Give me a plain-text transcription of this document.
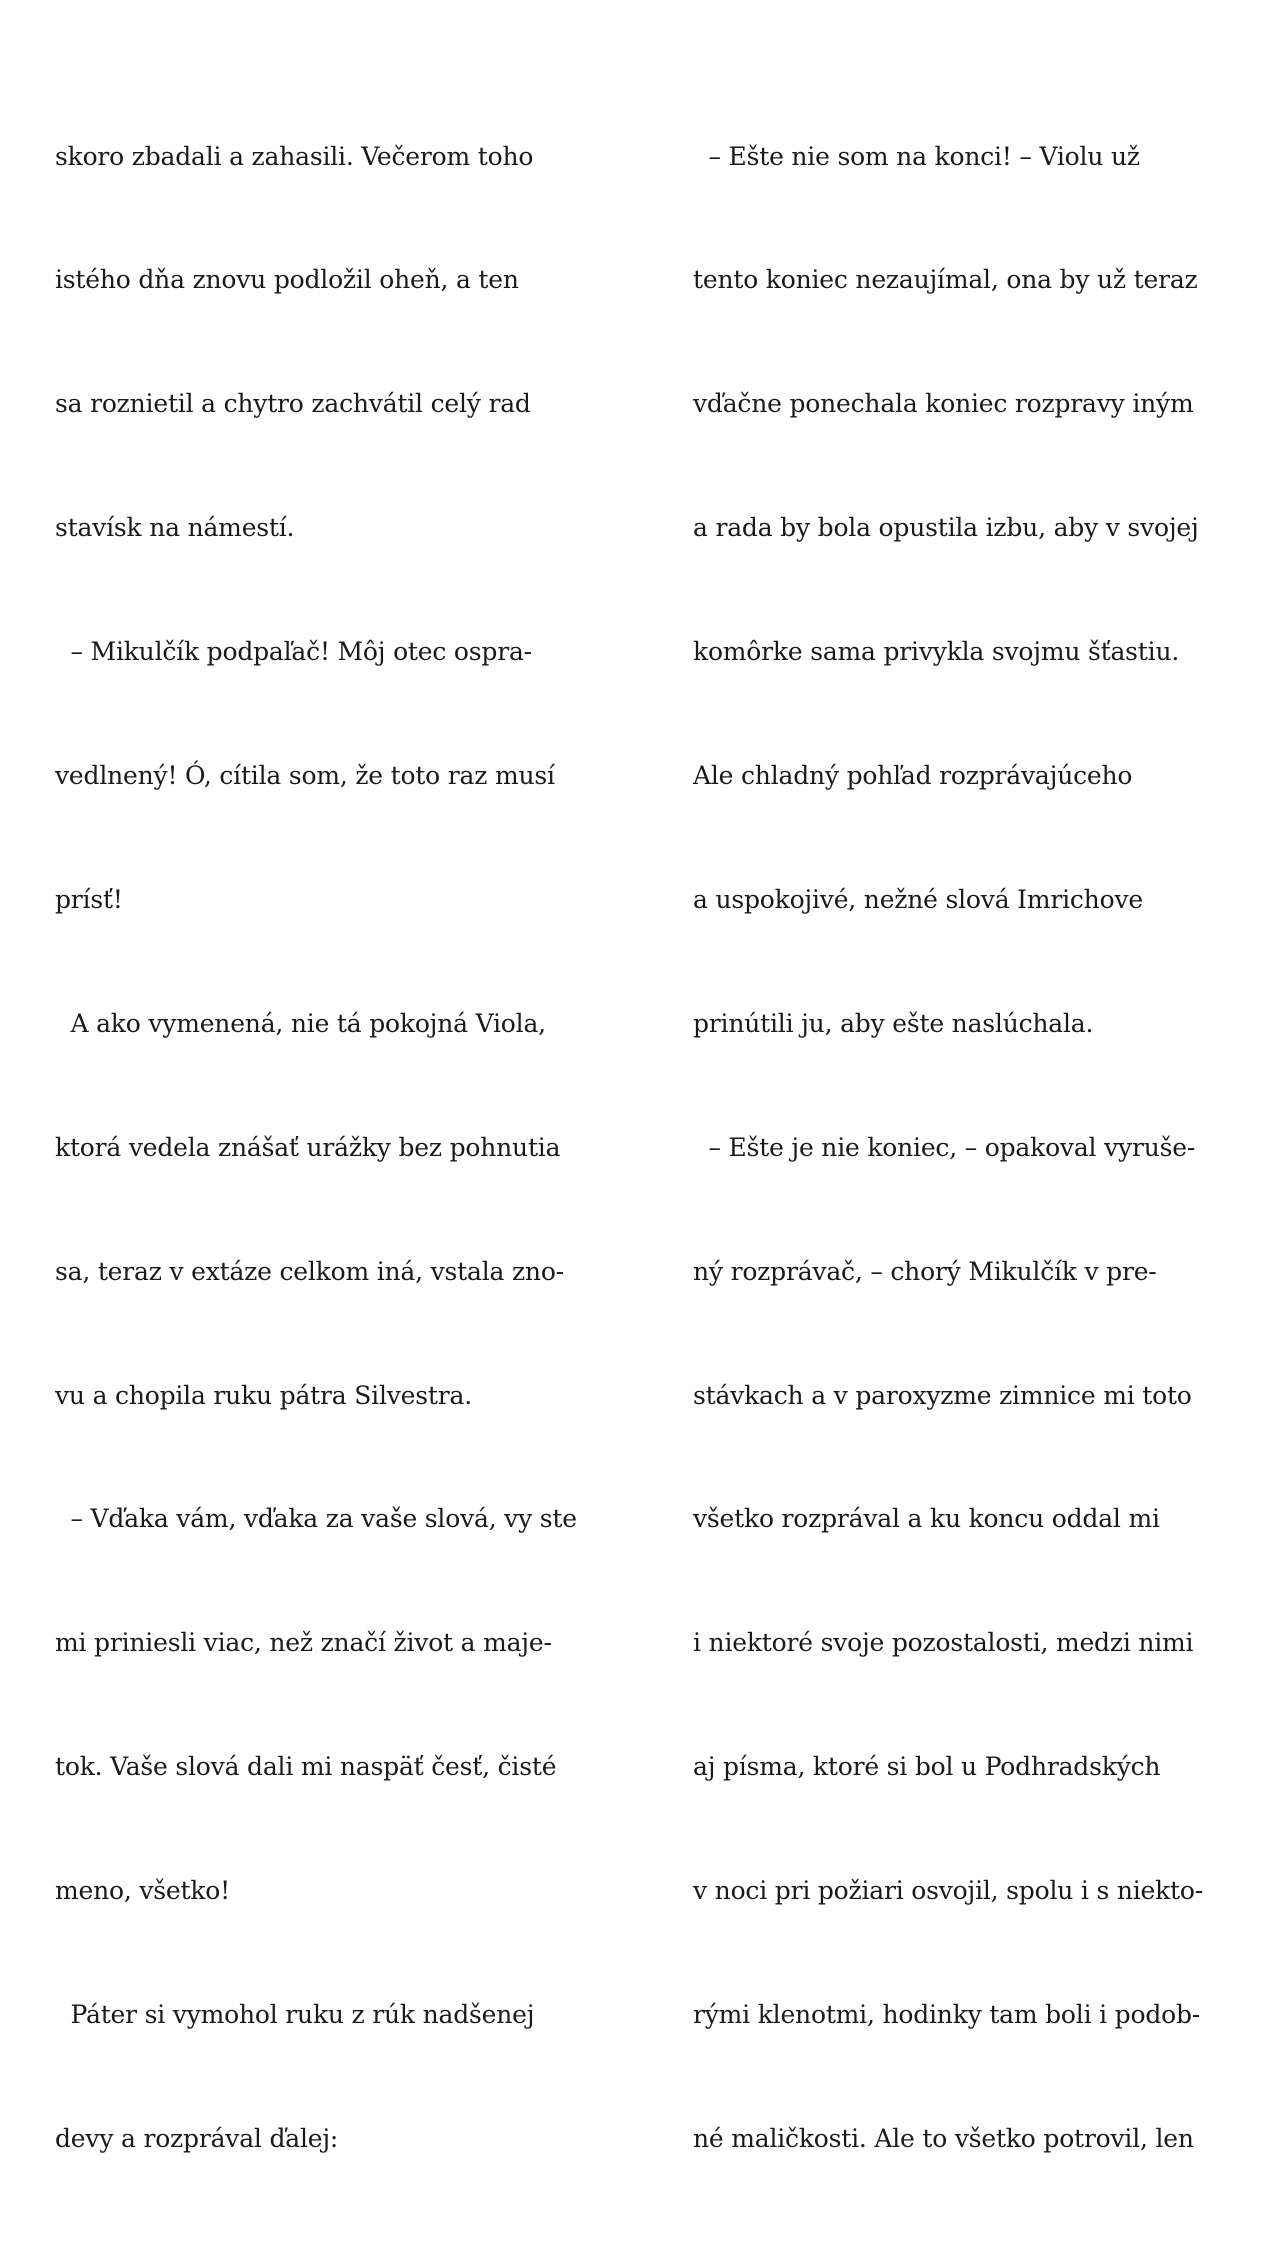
skoro zbadali a zahasili. Večerom toho

istého dňa znovu podložil oheň, a ten

sa roznietil a chytro zachvátil celý rad

stavísk na námestí.

– Mikulčík podpaľač! Môj otec ospra-

vedlnený! Ó, cítila som, že toto raz musí

prísť!

A ako vymenená, nie tá pokojná Viola,

ktorá vedela znášať urážky bez pohnutia

sa, teraz v extáze celkom iná, vstala zno-

vu a chopila ruku pátra Silvestra.

– Vďaka vám, vďaka za vaše slová, vy ste

mi priniesli viac, než značí život a maje-

tok. Vaše slová dali mi naspäť česť, čisté

meno, všetko!

Páter si vymohol ruku z rúk nadšenej

devy a rozprával ďalej:

– Ešte nie som na konci! – Violu už

tento koniec nezaujímal, ona by už teraz

vďačne ponechala koniec rozpravy iným

a rada by bola opustila izbu, aby v svojej

komôrke sama privykla svojmu šťastiu.

Ale chladný pohľad rozprávajúceho

a uspokojivé, nežné slová Imrichove

prinútili ju, aby ešte naslúchala.

– Ešte je nie koniec, – opakoval vyruše-

ný rozprávač, – chorý Mikulčík v pre-

stávkach a v paroxyzme zimnice mi toto

všetko rozprával a ku koncu oddal mi

i niektoré svoje pozostalosti, medzi nimi

aj písma, ktoré si bol u Podhradských

v noci pri požiari osvojil, spolu i s niekto-

rými klenotmi, hodinky tam boli i podob-

né maličkosti. Ale to všetko potrovil, len
